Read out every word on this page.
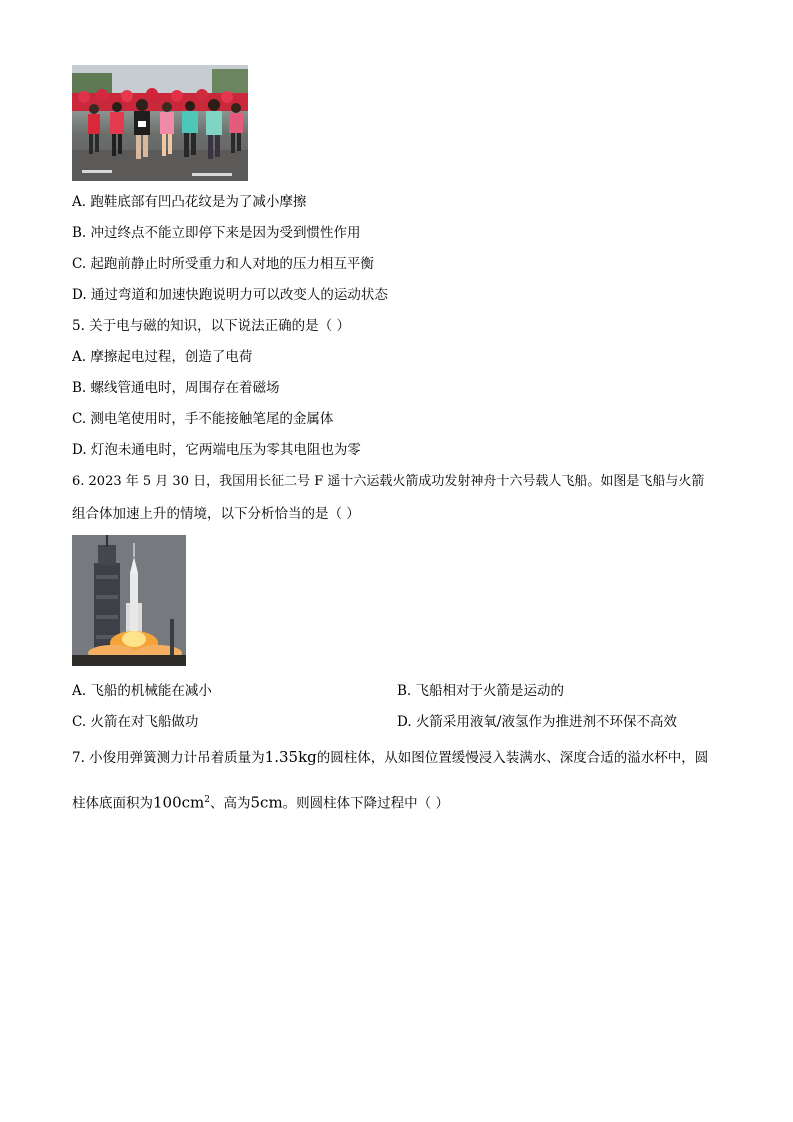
A. 跑鞋底部有凹凸花纹是为了减小摩擦
B. 冲过终点不能立即停下来是因为受到惯性作用
C. 起跑前静止时所受重力和人对地的压力相互平衡
D. 通过弯道和加速快跑说明力可以改变人的运动状态
5. 关于电与磁的知识，以下说法正确的是（ ）
A. 摩擦起电过程，创造了电荷
B. 螺线管通电时，周围存在着磁场
C. 测电笔使用时，手不能接触笔尾的金属体
D. 灯泡未通电时，它两端电压为零其电阻也为零
6. 2023 年 5 月 30 日，我国用长征二号 F 遥十六运载火箭成功发射神舟十六号载人飞船。如图是飞船与火箭
组合体加速上升的情境，以下分析恰当的是（ ）
A. 飞船的机械能在减小	B. 飞船相对于火箭是运动的
C. 火箭在对飞船做功	D. 火箭采用液氧/液氢作为推进剂不环保不高效
7. 小俊用弹簧测力计吊着质量为1.35kg的圆柱体，从如图位置缓慢浸入装满水、深度合适的溢水杯中，圆
柱体底面积为$100cm^2$、高为5cm。则圆柱体下降过程中（ ）
